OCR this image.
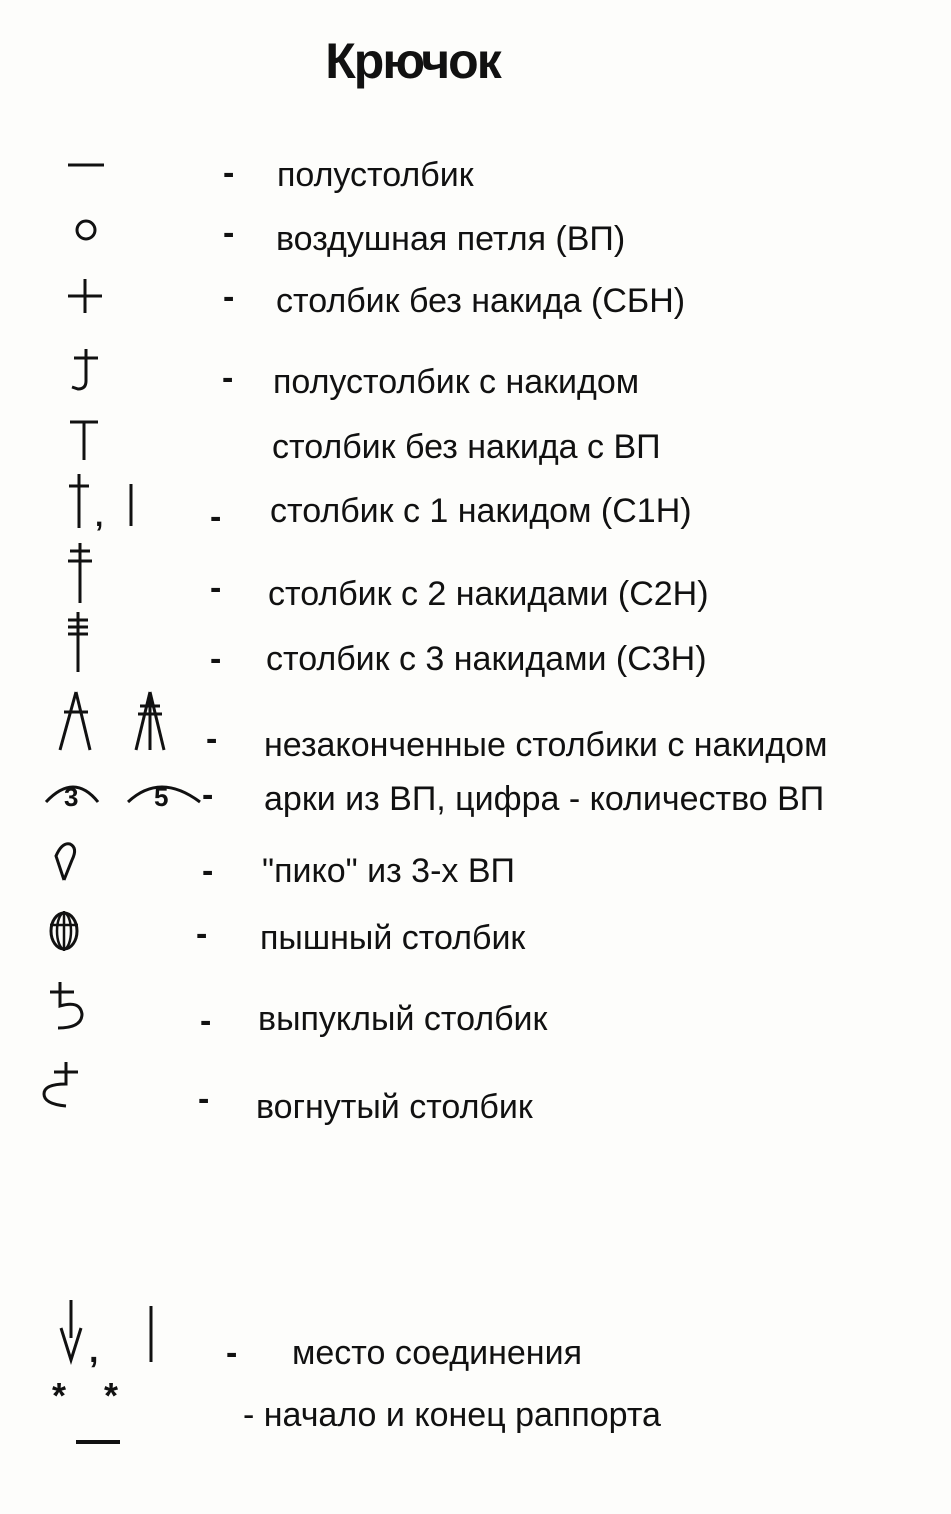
Крючок
- полустолбик
- воздушная петля (ВП)
- столбик без накида (СБН)
- полустолбик с накидом
столбик без накида с ВП
,	- столбик с 1 накидом (С1Н)
- столбик с 2 накидами (С2Н)
- столбик с 3 накидами (С3Н)
- незаконченные столбики с накидом
3	5 - арки из ВП, цифра - количество ВП
- "пико" из 3-х ВП
- пышный столбик
- выпуклый столбик
- вогнутый столбик
,	- место соединения
* *	- начало и конец раппорта
